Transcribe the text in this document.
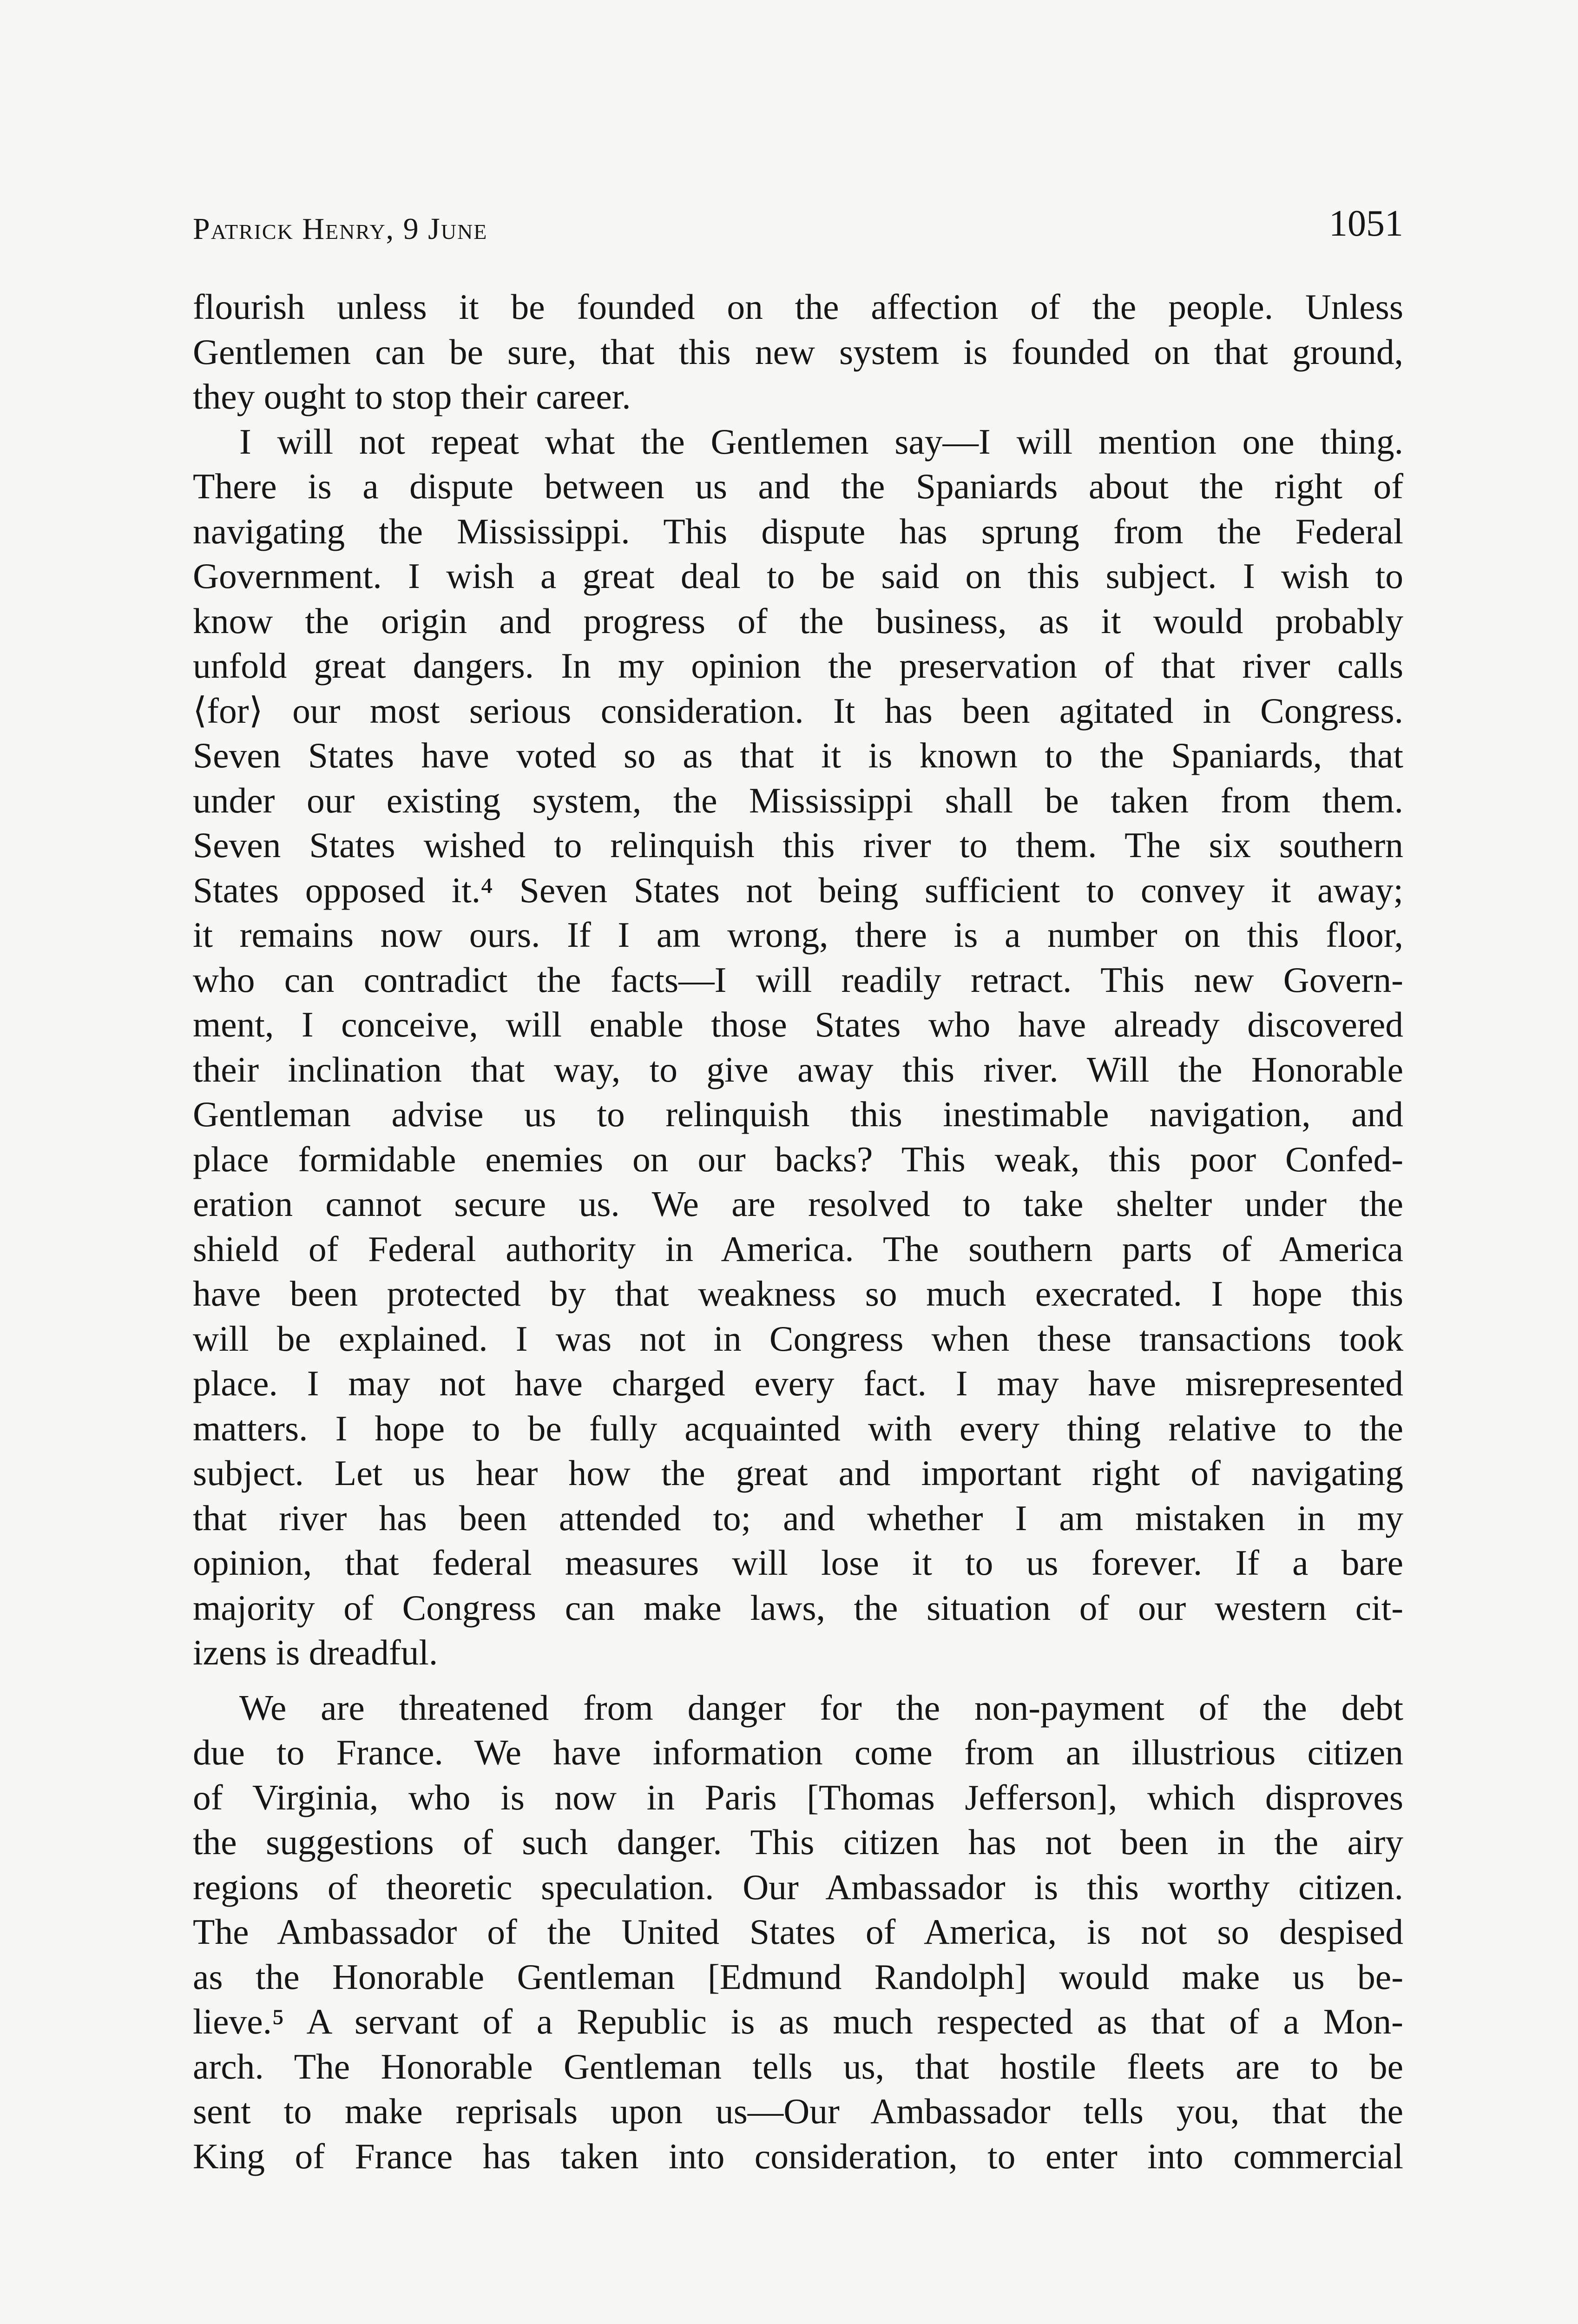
Patrick Henry, 9 June	1051
flourish unless it be founded on the affection of the people. Unless
Gentlemen can be sure, that this new system is founded on that ground,
they ought to stop their career.
I will not repeat what the Gentlemen say—I will mention one thing.
There is a dispute between us and the Spaniards about the right of
navigating the Mississippi. This dispute has sprung from the Federal
Government. I wish a great deal to be said on this subject. I wish to
know the origin and progress of the business, as it would probably
unfold great dangers. In my opinion the preservation of that river calls
⟨for⟩ our most serious consideration. It has been agitated in Congress.
Seven States have voted so as that it is known to the Spaniards, that
under our existing system, the Mississippi shall be taken from them.
Seven States wished to relinquish this river to them. The six southern
States opposed it.⁴ Seven States not being sufficient to convey it away;
it remains now ours. If I am wrong, there is a number on this floor,
who can contradict the facts—I will readily retract. This new Govern-
ment, I conceive, will enable those States who have already discovered
their inclination that way, to give away this river. Will the Honorable
Gentleman advise us to relinquish this inestimable navigation, and
place formidable enemies on our backs? This weak, this poor Confed-
eration cannot secure us. We are resolved to take shelter under the
shield of Federal authority in America. The southern parts of America
have been protected by that weakness so much execrated. I hope this
will be explained. I was not in Congress when these transactions took
place. I may not have charged every fact. I may have misrepresented
matters. I hope to be fully acquainted with every thing relative to the
subject. Let us hear how the great and important right of navigating
that river has been attended to; and whether I am mistaken in my
opinion, that federal measures will lose it to us forever. If a bare
majority of Congress can make laws, the situation of our western cit-
izens is dreadful.
We are threatened from danger for the non-payment of the debt
due to France. We have information come from an illustrious citizen
of Virginia, who is now in Paris [Thomas Jefferson], which disproves
the suggestions of such danger. This citizen has not been in the airy
regions of theoretic speculation. Our Ambassador is this worthy citizen.
The Ambassador of the United States of America, is not so despised
as the Honorable Gentleman [Edmund Randolph] would make us be-
lieve.⁵ A servant of a Republic is as much respected as that of a Mon-
arch. The Honorable Gentleman tells us, that hostile fleets are to be
sent to make reprisals upon us—Our Ambassador tells you, that the
King of France has taken into consideration, to enter into commercial
